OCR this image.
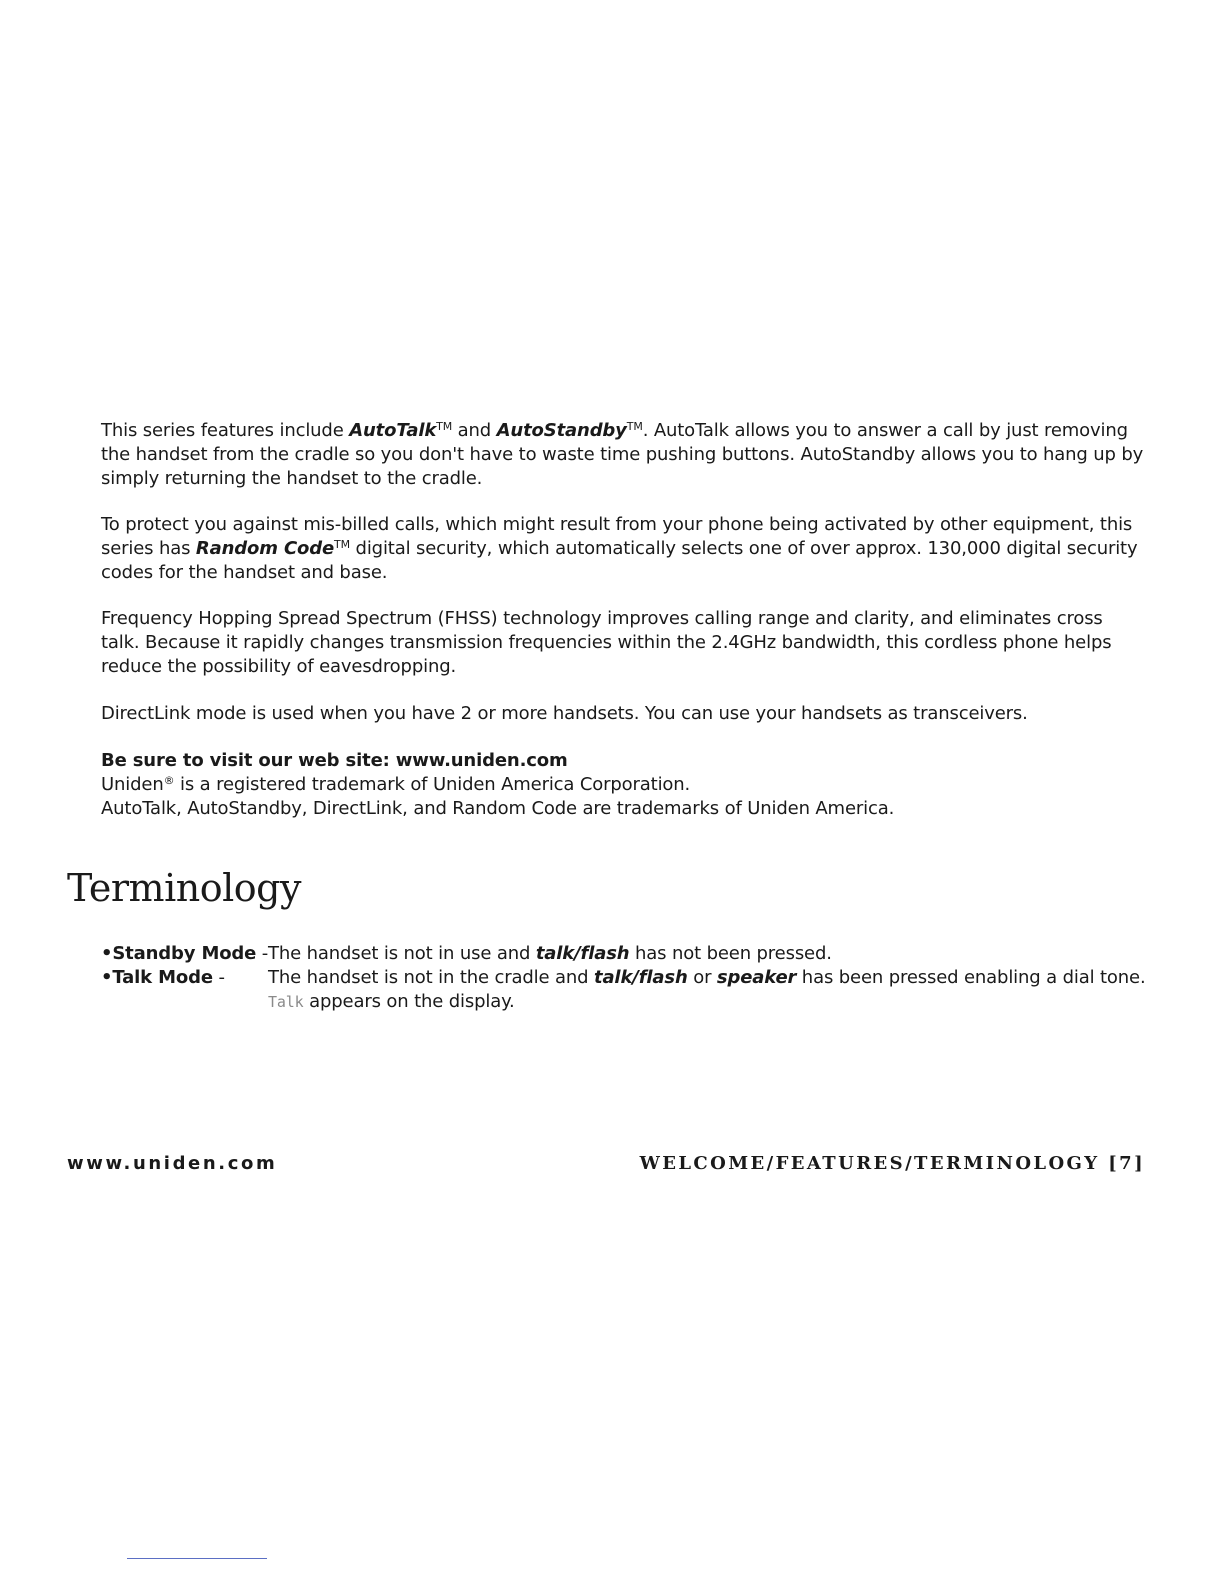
This series features include AutoTalk™ and AutoStandby™. AutoTalk allows you to answer a call by just removing the handset from the cradle so you don't have to waste time pushing buttons. AutoStandby allows you to hang up by simply returning the handset to the cradle.

To protect you against mis-billed calls, which might result from your phone being activated by other equipment, this series has Random Code™ digital security, which automatically selects one of over approx. 130,000 digital security codes for the handset and base.

Frequency Hopping Spread Spectrum (FHSS) technology improves calling range and clarity, and eliminates cross talk. Because it rapidly changes transmission frequencies within the 2.4GHz bandwidth, this cordless phone helps reduce the possibility of eavesdropping.

DirectLink mode is used when you have 2 or more handsets. You can use your handsets as transceivers.

Be sure to visit our web site: www.uniden.com

Uniden® is a registered trademark of Uniden America Corporation.

AutoTalk, AutoStandby, DirectLink, and Random Code are trademarks of Uniden America.

Terminology
•Standby Mode - The handset is not in use and talk/flash has not been pressed.
•Talk Mode -	The handset is not in the cradle and talk/flash or speaker has been pressed enabling a dial tone.
Talk appears on the display.
www.uniden.com	WELCOME/FEATURES/TERMINOLOGY [7]
